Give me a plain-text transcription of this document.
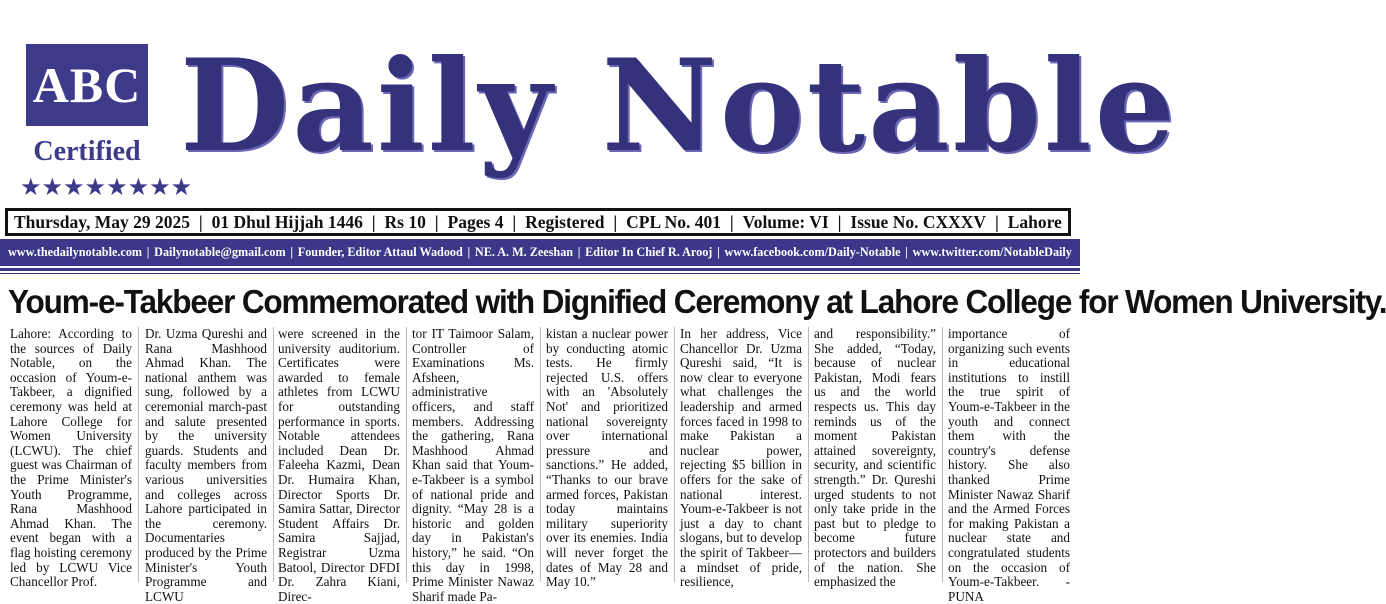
ABC
Certified
★★★★★★★★
Daily Notable
Thursday, May 29 2025 | 01 Dhul Hijjah 1446 | Rs 10 | Pages 4 | Registered | CPL No. 401 | Volume: VI | Issue No. CXXXV | Lahore
www.thedailynotable.com | Dailynotable@gmail.com | Founder, Editor Attaul Wadood | NE. A. M. Zeeshan | Editor In Chief R. Arooj | www.facebook.com/Daily-Notable | www.twitter.com/NotableDaily
Youm-e-Takbeer Commemorated with Dignified Ceremony at Lahore College for Women University.
Lahore: According to the sources of Daily Notable, on the occasion of Youm-e-Takbeer, a dignified ceremony was held at Lahore College for Women University (LCWU). The chief guest was Chairman of the Prime Minister's Youth Programme, Rana Mashhood Ahmad Khan. The event began with a flag hoisting ceremony led by LCWU Vice Chancellor Prof.
Dr. Uzma Qureshi and Rana Mashhood Ahmad Khan. The national anthem was sung, followed by a ceremonial march-past and salute presented by the university guards. Students and faculty members from various universities and colleges across Lahore participated in the ceremony. Documentaries produced by the Prime Minister's Youth Programme and LCWU
were screened in the university auditorium. Certificates were awarded to female athletes from LCWU for outstanding performance in sports. Notable attendees included Dean Dr. Faleeha Kazmi, Dean Dr. Humaira Khan, Director Sports Dr. Samira Sattar, Director Student Affairs Dr. Samira Sajjad, Registrar Uzma Batool, Director DFDI Dr. Zahra Kiani, Direc-
tor IT Taimoor Salam, Controller of Examinations Ms. Afsheen, administrative officers, and staff members. Addressing the gathering, Rana Mashhood Ahmad Khan said that Youm-e-Takbeer is a symbol of national pride and dignity. “May 28 is a historic and golden day in Pakistan's history,” he said. “On this day in 1998, Prime Minister Nawaz Sharif made Pa-
kistan a nuclear power by conducting atomic tests. He firmly rejected U.S. offers with an 'Absolutely Not' and prioritized national sovereignty over international pressure and sanctions.” He added, “Thanks to our brave armed forces, Pakistan today maintains military superiority over its enemies. India will never forget the dates of May 28 and May 10.”
In her address, Vice Chancellor Dr. Uzma Qureshi said, “It is now clear to everyone what challenges the leadership and armed forces faced in 1998 to make Pakistan a nuclear power, rejecting $5 billion in offers for the sake of national interest. Youm-e-Takbeer is not just a day to chant slogans, but to develop the spirit of Takbeer—a mindset of pride, resilience,
and responsibility.” She added, “Today, because of nuclear Pakistan, Modi fears us and the world respects us. This day reminds us of the moment Pakistan attained sovereignty, security, and scientific strength.” Dr. Qureshi urged students to not only take pride in the past but to pledge to become future protectors and builders of the nation. She emphasized the
importance of organizing such events in educational institutions to instill the true spirit of Youm-e-Takbeer in the youth and connect them with the country's defense history. She also thanked Prime Minister Nawaz Sharif and the Armed Forces for making Pakistan a nuclear state and congratulated students on the occasion of Youm-e-Takbeer. - PUNA
